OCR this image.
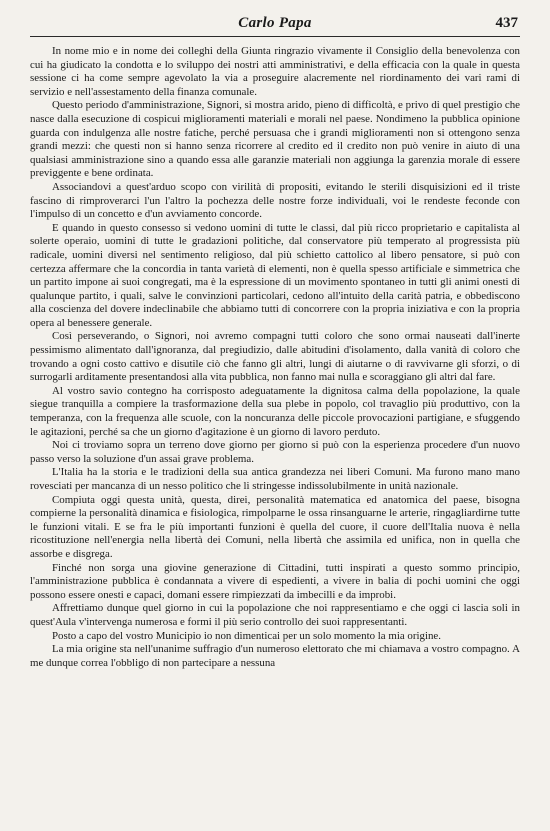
Carlo Papa	437

In nome mio e in nome dei colleghi della Giunta ringrazio vivamente il Consiglio della benevolenza con cui ha giudicato la condotta e lo sviluppo dei nostri atti amministrativi, e della efficacia con la quale in questa sessione ci ha come sempre agevolato la via a proseguire alacremente nel riordinamento dei vari rami di servizio e nell'assestamento della finanza comunale.

Questo periodo d'amministrazione, Signori, si mostra arido, pieno di difficoltà, e privo di quel prestigio che nasce dalla esecuzione di cospicui miglioramenti materiali e morali nel paese. Nondimeno la pubblica opinione guarda con indulgenza alle nostre fatiche, perché persuasa che i grandi miglioramenti non si ottengono senza grandi mezzi: che questi non si hanno senza ricorrere al credito ed il credito non può venire in aiuto di una qualsiasi amministrazione sino a quando essa alle garanzie materiali non aggiunga la garenzia morale di essere previggente e bene ordinata.

Associandovi a quest'arduo scopo con virilità di propositi, evitando le sterili disquisizioni ed il triste fascino di rimproverarci l'un l'altro la pochezza delle nostre forze individuali, voi le rendeste feconde con l'impulso di un concetto e d'un avviamento concorde.

E quando in questo consesso si vedono uomini di tutte le classi, dal più ricco proprietario e capitalista al solerte operaio, uomini di tutte le gradazioni politiche, dal conservatore più temperato al progressista più radicale, uomini diversi nel sentimento religioso, dal più schietto cattolico al libero pensatore, si può con certezza affermare che la concordia in tanta varietà di elementi, non è quella spesso artificiale e simmetrica che un partito impone ai suoi congregati, ma è la espressione di un movimento spontaneo in tutti gli animi onesti di qualunque partito, i quali, salve le convinzioni particolari, cedono all'intuito della carità patria, e obbediscono alla coscienza del dovere indeclinabile che abbiamo tutti di concorrere con la propria iniziativa e con la propria opera al benessere generale.

Così perseverando, o Signori, noi avremo compagni tutti coloro che sono ormai nauseati dall'inerte pessimismo alimentato dall'ignoranza, dal pregiudizio, dalle abitudini d'isolamento, dalla vanità di coloro che trovando a ogni costo cattivo e disutile ciò che fanno gli altri, lungi di aiutarne o di ravvivarne gli sforzi, o di surrogarli arditamente presentandosi alla vita pubblica, non fanno mai nulla e scoraggiano gli altri dal fare.

Al vostro savio contegno ha corrisposto adeguatamente la dignitosa calma della popolazione, la quale siegue tranquilla a compiere la trasformazione della sua plebe in popolo, col travaglio più produttivo, con la temperanza, con la frequenza alle scuole, con la noncuranza delle piccole provocazioni partigiane, e sfuggendo le agitazioni, perché sa che un giorno d'agitazione è un giorno di lavoro perduto.

Noi ci troviamo sopra un terreno dove giorno per giorno si può con la esperienza procedere d'un nuovo passo verso la soluzione d'un assai grave problema.

L'Italia ha la storia e le tradizioni della sua antica grandezza nei liberi Comuni. Ma furono mano mano rovesciati per mancanza di un nesso politico che li stringesse indissolubilmente in unità nazionale.

Compiuta oggi questa unità, questa, direi, personalità matematica ed anatomica del paese, bisogna compierne la personalità dinamica e fisiologica, rimpolparne le ossa rinsanguarne le arterie, ringagliardirne tutte le funzioni vitali. E se fra le più importanti funzioni è quella del cuore, il cuore dell'Italia nuova è nella ricostituzione nell'energia nella libertà dei Comuni, nella libertà che assimila ed unifica, non in quella che assorbe e disgrega.

Finché non sorga una giovine generazione di Cittadini, tutti inspirati a questo sommo principio, l'amministrazione pubblica è condannata a vivere di espedienti, a vivere in balia di pochi uomini che oggi possono essere onesti e capaci, domani essere rimpiezzati da imbecilli e da improbi.

Affrettiamo dunque quel giorno in cui la popolazione che noi rappresentiamo e che oggi ci lascia soli in quest'Aula v'intervenga numerosa e formi il più serio controllo dei suoi rappresentanti.

Posto a capo del vostro Municipio io non dimenticai per un solo momento la mia origine.

La mia origine sta nell'unanime suffragio d'un numeroso elettorato che mi chiamava a vostro compagno. A me dunque correa l'obbligo di non partecipare a nessuna
